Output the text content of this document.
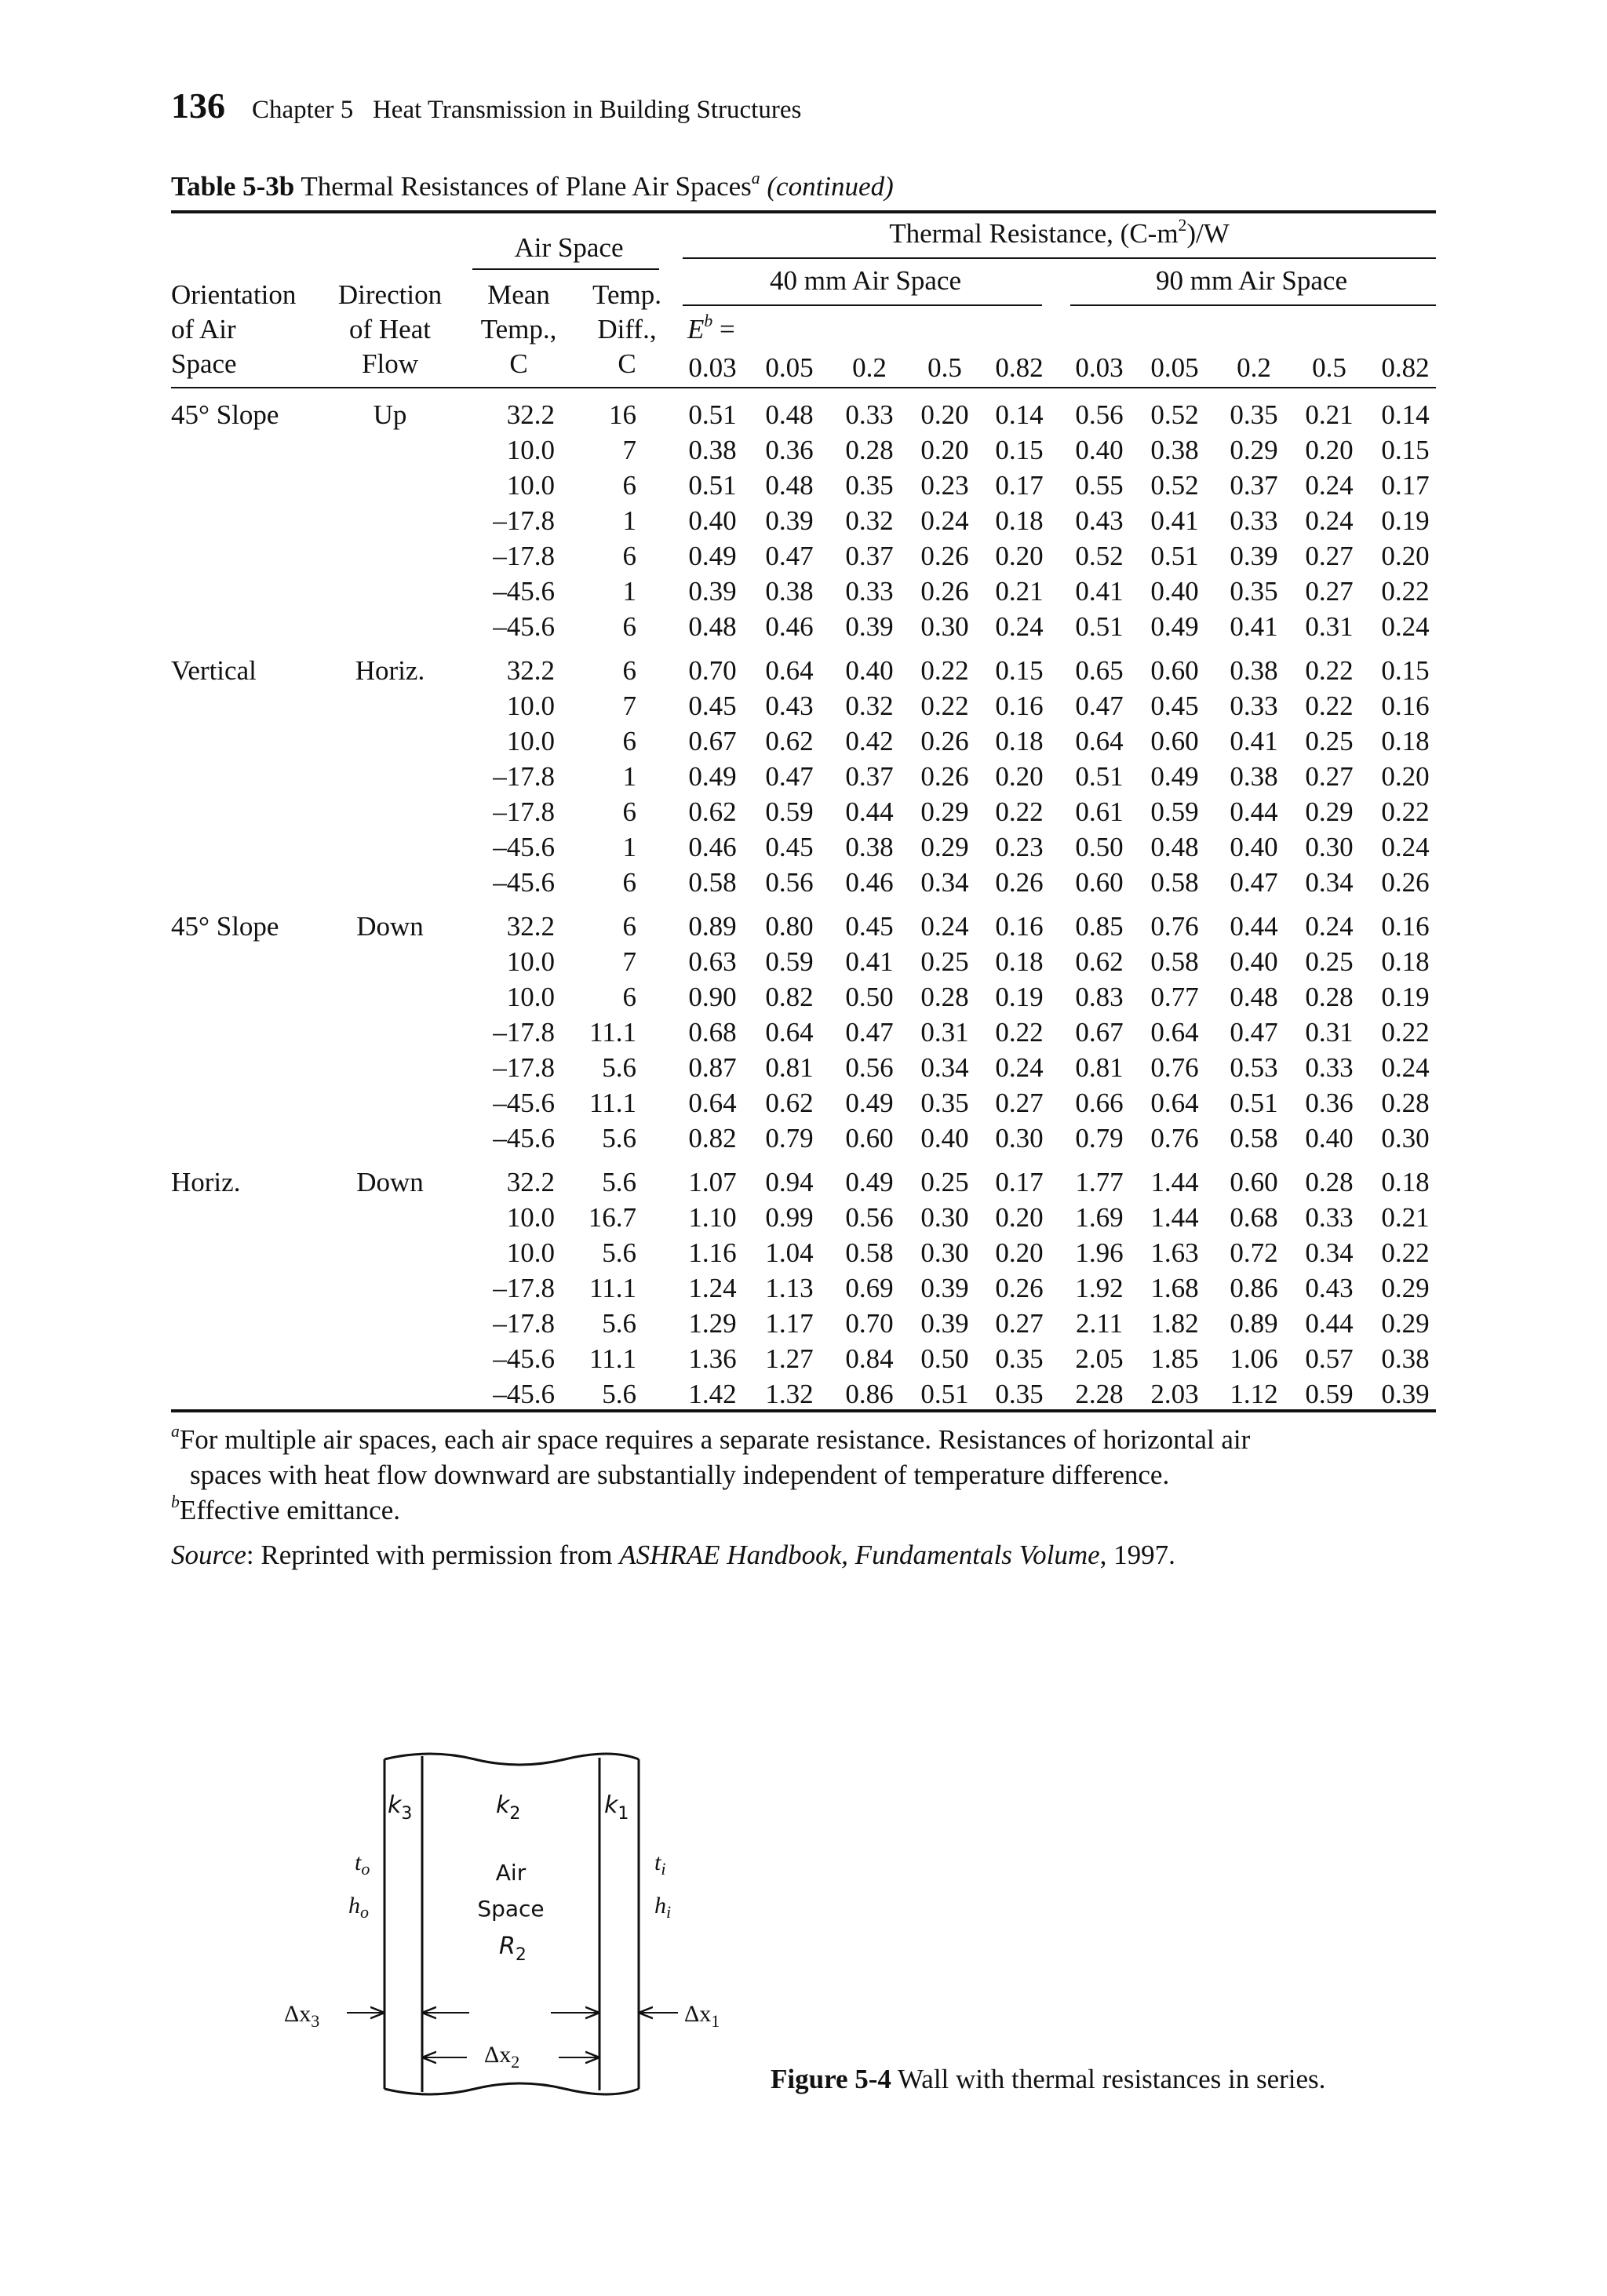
136 Chapter 5   Heat Transmission in Building Structures
Table 5-3b Thermal Resistances of Plane Air Spaces$^a$ (continued)
Thermal Resistance, $(C-m^2)/W$
Air Space
40 mm Air Space	90 mm Air Space
Orientation
of Air
Space
Direction
of Heat
Flow
Mean
Temp.,
C
Temp.
Diff.,
C
$E^b$ =
0.03 0.05 0.2 0.5 0.82 0.03 0.05 0.2 0.5 0.82
45° Slope	Up	32.2 16 0.51 0.48 0.33 0.20 0.14 0.56 0.52 0.35 0.21 0.14
10.0 7 0.38 0.36 0.28 0.20 0.15 0.40 0.38 0.29 0.20 0.15
10.0 6 0.51 0.48 0.35 0.23 0.17 0.55 0.52 0.37 0.24 0.17
–17.8 1 0.40 0.39 0.32 0.24 0.18 0.43 0.41 0.33 0.24 0.19
–17.8 6 0.49 0.47 0.37 0.26 0.20 0.52 0.51 0.39 0.27 0.20
–45.6 1 0.39 0.38 0.33 0.26 0.21 0.41 0.40 0.35 0.27 0.22
–45.6 6 0.48 0.46 0.39 0.30 0.24 0.51 0.49 0.41 0.31 0.24
Vertical	Horiz.	32.2 6 0.70 0.64 0.40 0.22 0.15 0.65 0.60 0.38 0.22 0.15
10.0 7 0.45 0.43 0.32 0.22 0.16 0.47 0.45 0.33 0.22 0.16
10.0 6 0.67 0.62 0.42 0.26 0.18 0.64 0.60 0.41 0.25 0.18
–17.8 1 0.49 0.47 0.37 0.26 0.20 0.51 0.49 0.38 0.27 0.20
–17.8 6 0.62 0.59 0.44 0.29 0.22 0.61 0.59 0.44 0.29 0.22
–45.6 1 0.46 0.45 0.38 0.29 0.23 0.50 0.48 0.40 0.30 0.24
–45.6 6 0.58 0.56 0.46 0.34 0.26 0.60 0.58 0.47 0.34 0.26
45° Slope	Down	32.2 6 0.89 0.80 0.45 0.24 0.16 0.85 0.76 0.44 0.24 0.16
10.0 7 0.63 0.59 0.41 0.25 0.18 0.62 0.58 0.40 0.25 0.18
10.0 6 0.90 0.82 0.50 0.28 0.19 0.83 0.77 0.48 0.28 0.19
–17.8 11.1 0.68 0.64 0.47 0.31 0.22 0.67 0.64 0.47 0.31 0.22
–17.8 5.6 0.87 0.81 0.56 0.34 0.24 0.81 0.76 0.53 0.33 0.24
–45.6 11.1 0.64 0.62 0.49 0.35 0.27 0.66 0.64 0.51 0.36 0.28
–45.6 5.6 0.82 0.79 0.60 0.40 0.30 0.79 0.76 0.58 0.40 0.30
Horiz.	Down	32.2 5.6 1.07 0.94 0.49 0.25 0.17 1.77 1.44 0.60 0.28 0.18
10.0 16.7 1.10 0.99 0.56 0.30 0.20 1.69 1.44 0.68 0.33 0.21
10.0 5.6 1.16 1.04 0.58 0.30 0.20 1.96 1.63 0.72 0.34 0.22
–17.8 11.1 1.24 1.13 0.69 0.39 0.26 1.92 1.68 0.86 0.43 0.29
–17.8 5.6 1.29 1.17 0.70 0.39 0.27 2.11 1.82 0.89 0.44 0.29
–45.6 11.1 1.36 1.27 0.84 0.50 0.35 2.05 1.85 1.06 0.57 0.38
–45.6 5.6 1.42 1.32 0.86 0.51 0.35 2.28 2.03 1.12 0.59 0.39

$^a$For multiple air spaces, each air space requires a separate resistance. Resistances of horizontal air

spaces with heat flow downward are substantially independent of temperature difference.

$^b$Effective emittance.

Source: Reprinted with permission from ASHRAE Handbook, Fundamentals Volume, 1997.

$k_3$	$k_2$	$k_1$
$t_o$
$h_o$
$t_i$
$h_i$
Air
Space
$R_2$
$\Delta x_3$	$\Delta x_1$
$\Delta x_2$
Figure 5-4 Wall with thermal resistances in series.
